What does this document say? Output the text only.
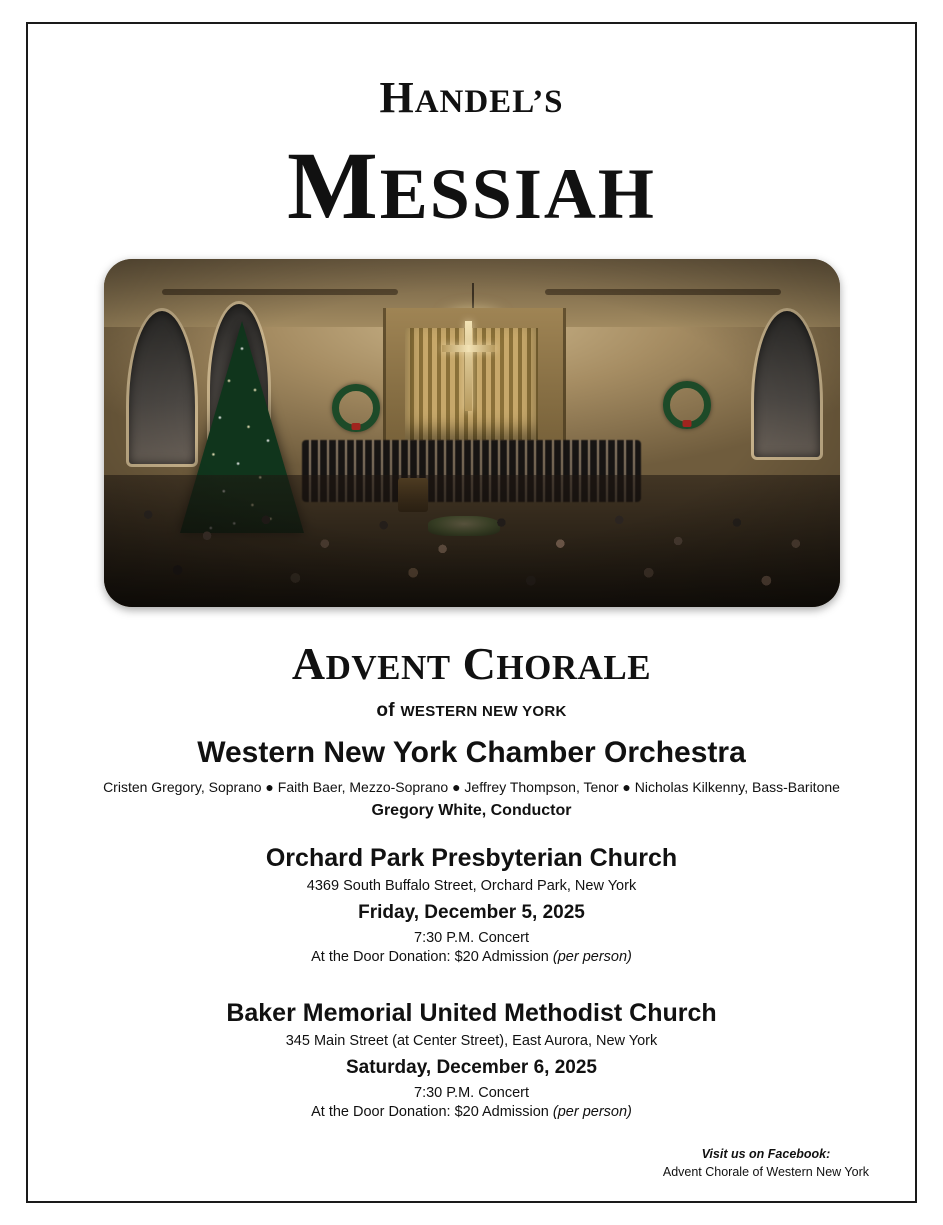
HANDEL’S
MESSIAH
ADVENT CHORALE
of WESTERN NEW YORK
Western New York Chamber Orchestra
Cristen Gregory, Soprano ● Faith Baer, Mezzo-Soprano ● Jeffrey Thompson, Tenor ● Nicholas Kilkenny, Bass-Baritone
Gregory White, Conductor
Orchard Park Presbyterian Church
4369 South Buffalo Street, Orchard Park, New York
Friday, December 5, 2025
7:30 P.M. Concert
At the Door Donation: $20 Admission (per person)
Baker Memorial United Methodist Church
345 Main Street (at Center Street), East Aurora, New York
Saturday, December 6, 2025
7:30 P.M. Concert
At the Door Donation: $20 Admission (per person)
Visit us on Facebook:
Advent Chorale of Western New York
